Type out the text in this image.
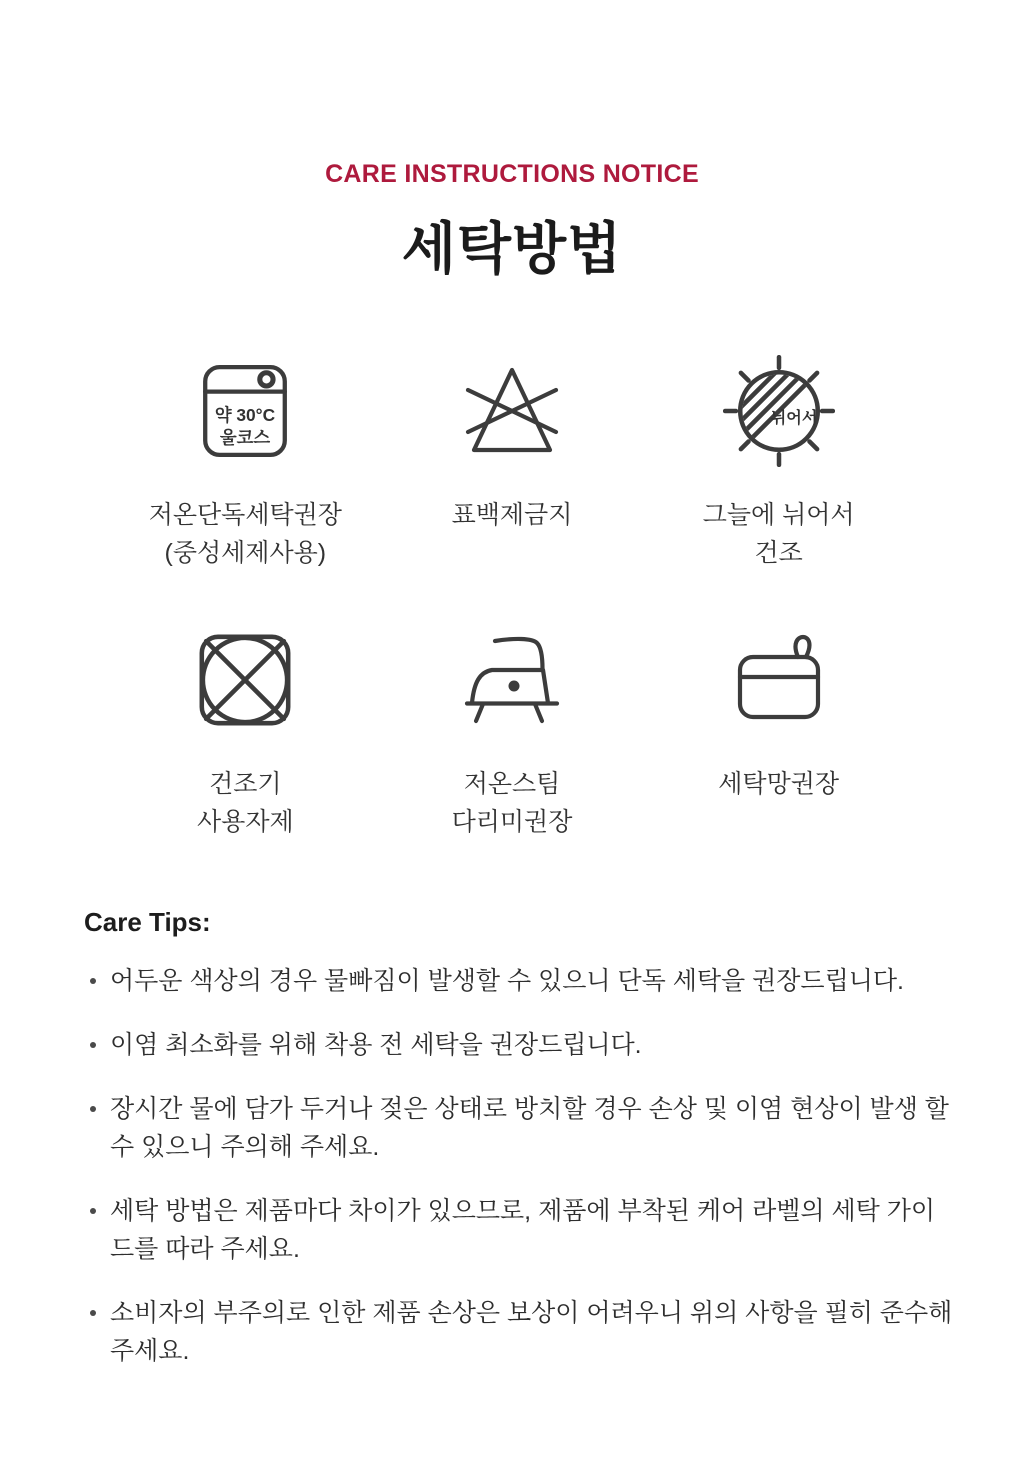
CARE INSTRUCTIONS NOTICE
세탁방법
약 30°C
울코스
저온단독세탁권장
(중성세제사용)
표백제금지
뉘어서
그늘에 뉘어서
건조
건조기
사용자제
저온스팀
다리미권장
세탁망권장
Care Tips:
어두운 색상의 경우 물빠짐이 발생할 수 있으니 단독 세탁을 권장드립니다.
이염 최소화를 위해 착용 전 세탁을 권장드립니다.
장시간 물에 담가 두거나 젖은 상태로 방치할 경우 손상 및 이염 현상이 발생 할 수 있으니 주의해 주세요.
세탁 방법은 제품마다 차이가 있으므로, 제품에 부착된 케어 라벨의 세탁 가이드를 따라 주세요.
소비자의 부주의로 인한 제품 손상은 보상이 어려우니 위의 사항을 필히 준수해 주세요.
